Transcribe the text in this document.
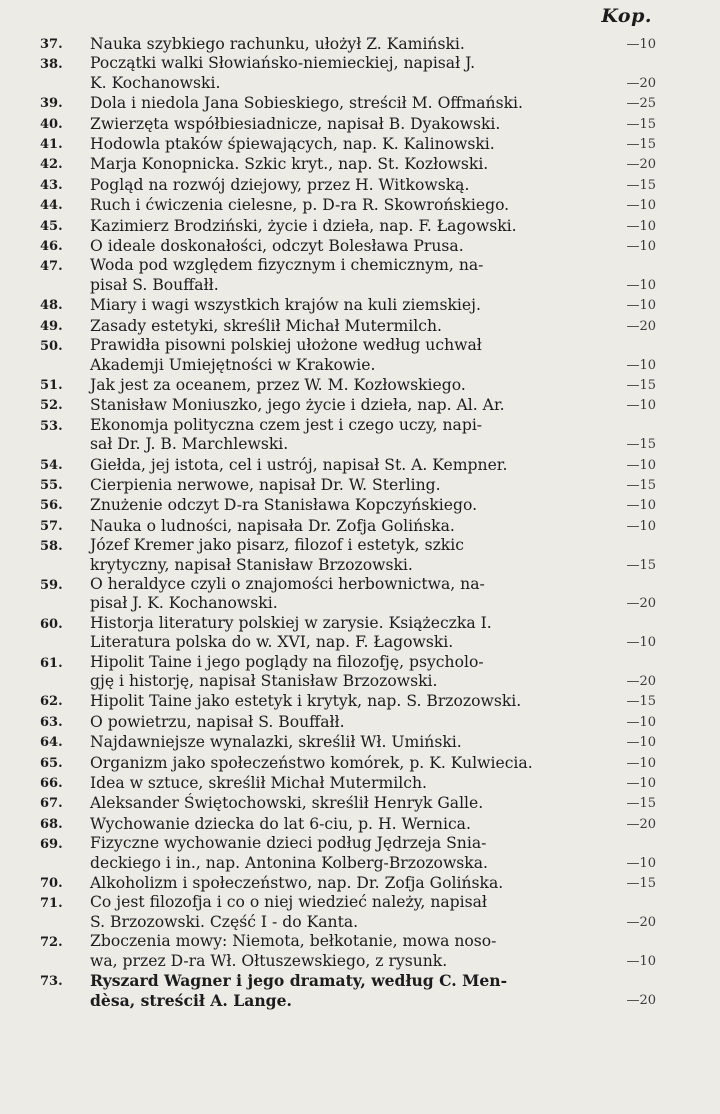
Kop.
37.	Nauka szybkiego rachunku, ułożył Z. Kamiński.	—10
38.	Początki walki Słowiańsko-niemieckiej, napisał J.
K. Kochanowski.	—20
39.	Dola i niedola Jana Sobieskiego, streścił M. Offmański.	—25
40.	Zwierzęta współbiesiadnicze, napisał B. Dyakowski.	—15
41.	Hodowla ptaków śpiewających, nap. K. Kalinowski.	—15
42.	Marja Konopnicka. Szkic kryt., nap. St. Kozłowski.	—20
43.	Pogląd na rozwój dziejowy, przez H. Witkowską.	—15
44.	Ruch i ćwiczenia cielesne, p. D-ra R. Skowrońskiego.	—10
45.	Kazimierz Brodziński, życie i dzieła, nap. F. Łagowski.	—10
46.	O ideale doskonałości, odczyt Bolesława Prusa.	—10
47.	Woda pod względem fizycznym i chemicznym, na-
pisał S. Bouffałł.	—10
48.	Miary i wagi wszystkich krajów na kuli ziemskiej.	—10
49.	Zasady estetyki, skreślił Michał Mutermilch.	—20
50.	Prawidła pisowni polskiej ułożone według uchwał
Akademji Umiejętności w Krakowie.	—10
51.	Jak jest za oceanem, przez W. M. Kozłowskiego.	—15
52.	Stanisław Moniuszko, jego życie i dzieła, nap. Al. Ar.	—10
53.	Ekonomja polityczna czem jest i czego uczy, napi-
sał Dr. J. B. Marchlewski.	—15
54.	Giełda, jej istota, cel i ustrój, napisał St. A. Kempner.	—10
55.	Cierpienia nerwowe, napisał Dr. W. Sterling.	—15
56.	Znużenie odczyt D-ra Stanisława Kopczyńskiego.	—10
57.	Nauka o ludności, napisała Dr. Zofja Golińska.	—10
58.	Józef Kremer jako pisarz, filozof i estetyk, szkic
krytyczny, napisał Stanisław Brzozowski.	—15
59.	O heraldyce czyli o znajomości herbownictwa, na-
pisał J. K. Kochanowski.	—20
60.	Historja literatury polskiej w zarysie. Książeczka I.
Literatura polska do w. XVI, nap. F. Łagowski.	—10
61.	Hipolit Taine i jego poglądy na filozofję, psycholo-
gję i historję, napisał Stanisław Brzozowski.	—20
62.	Hipolit Taine jako estetyk i krytyk, nap. S. Brzozowski.	—15
63.	O powietrzu, napisał S. Bouffałł.	—10
64.	Najdawniejsze wynalazki, skreślił Wł. Umiński.	—10
65.	Organizm jako społeczeństwo komórek, p. K. Kulwiecia.	—10
66.	Idea w sztuce, skreślił Michał Mutermilch.	—10
67.	Aleksander Świętochowski, skreślił Henryk Galle.	—15
68.	Wychowanie dziecka do lat 6-ciu, p. H. Wernica.	—20
69.	Fizyczne wychowanie dzieci podług Jędrzeja Snia-
deckiego i in., nap. Antonina Kolberg-Brzozowska.	—10
70.	Alkoholizm i społeczeństwo, nap. Dr. Zofja Golińska.	—15
71.	Co jest filozofja i co o niej wiedzieć należy, napisał
S. Brzozowski. Część I - do Kanta.	—20
72.	Zboczenia mowy: Niemota, bełkotanie, mowa noso-
wa, przez D-ra Wł. Ołtuszewskiego, z rysunk.	—10
73.	Ryszard Wagner i jego dramaty, według C. Men-
dèsa, streścił A. Lange.	—20
